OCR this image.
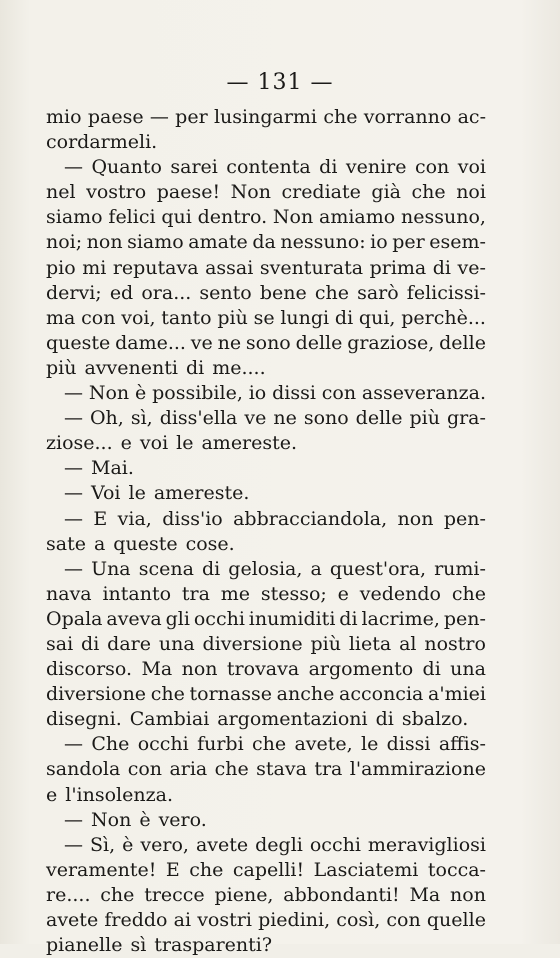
— 131 —
mio paese — per lusingarmi che vorranno ac-
cordarmeli.
— Quanto sarei contenta di venire con voi
nel vostro paese! Non crediate già che noi
siamo felici qui dentro. Non amiamo nessuno,
noi; non siamo amate da nessuno: io per esem-
pio mi reputava assai sventurata prima di ve-
dervi; ed ora... sento bene che sarò felicissi-
ma con voi, tanto più se lungi di qui, perchè...
queste dame... ve ne sono delle graziose, delle
più avvenenti di me....
— Non è possibile, io dissi con asseveranza.
— Oh, sì, diss'ella ve ne sono delle più gra-
ziose... e voi le amereste.
— Mai.
— Voi le amereste.
— E via, diss'io abbracciandola, non pen-
sate a queste cose.
— Una scena di gelosia, a quest'ora, rumi-
nava intanto tra me stesso; e vedendo che
Opala aveva gli occhi inumiditi di lacrime, pen-
sai di dare una diversione più lieta al nostro
discorso. Ma non trovava argomento di una
diversione che tornasse anche acconcia a'miei
disegni. Cambiai argomentazioni di sbalzo.
— Che occhi furbi che avete, le dissi affis-
sandola con aria che stava tra l'ammirazione
e l'insolenza.
— Non è vero.
— Sì, è vero, avete degli occhi meravigliosi
veramente! E che capelli! Lasciatemi tocca-
re.... che trecce piene, abbondanti! Ma non
avete freddo ai vostri piedini, così, con quelle
pianelle sì trasparenti?
